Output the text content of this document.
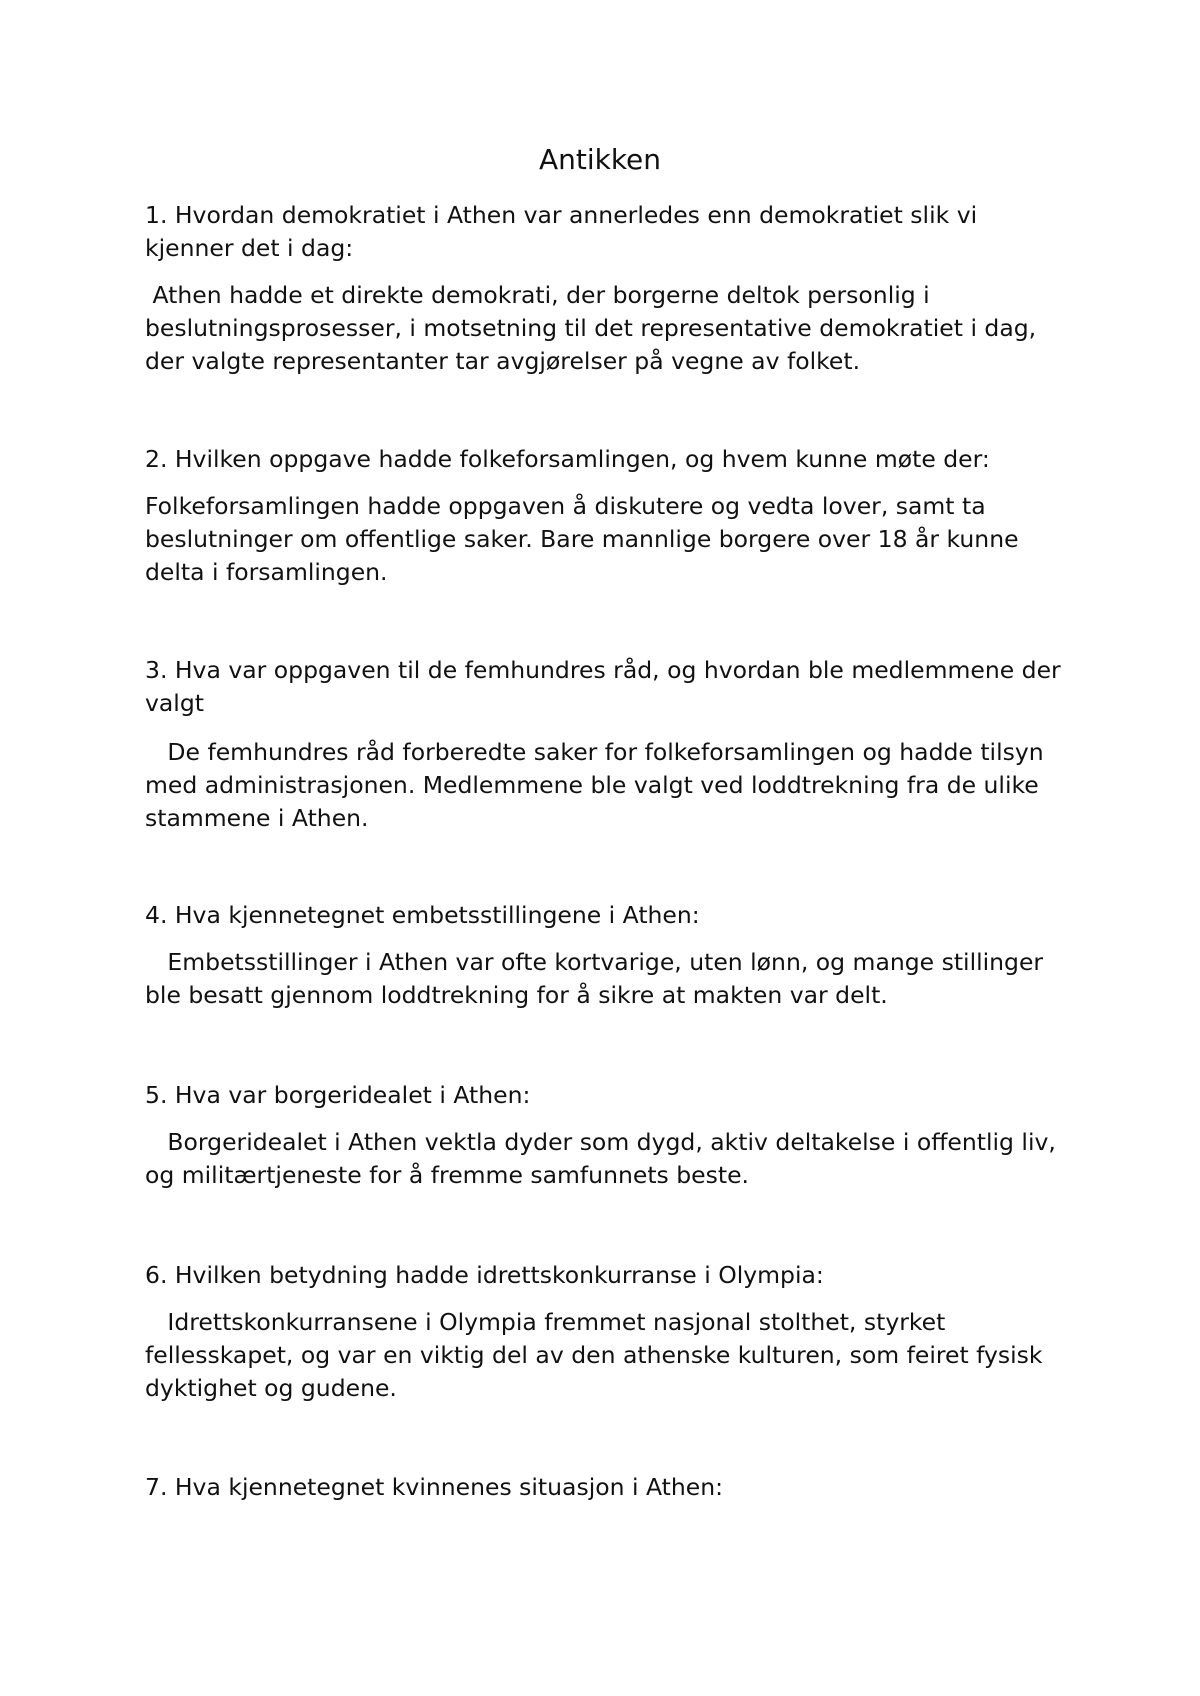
Antikken

1. Hvordan demokratiet i Athen var annerledes enn demokratiet slik vi kjenner det i dag:

Athen hadde et direkte demokrati, der borgerne deltok personlig i beslutningsprosesser, i motsetning til det representative demokratiet i dag, der valgte representanter tar avgjørelser på vegne av folket.

2. Hvilken oppgave hadde folkeforsamlingen, og hvem kunne møte der:

Folkeforsamlingen hadde oppgaven å diskutere og vedta lover, samt ta beslutninger om offentlige saker. Bare mannlige borgere over 18 år kunne delta i forsamlingen.

3. Hva var oppgaven til de femhundres råd, og hvordan ble medlemmene der valgt

De femhundres råd forberedte saker for folkeforsamlingen og hadde tilsyn med administrasjonen. Medlemmene ble valgt ved loddtrekning fra de ulike stammene i Athen.

4. Hva kjennetegnet embetsstillingene i Athen:

Embetsstillinger i Athen var ofte kortvarige, uten lønn, og mange stillinger ble besatt gjennom loddtrekning for å sikre at makten var delt.

5. Hva var borgeridealet i Athen:

Borgeridealet i Athen vektla dyder som dygd, aktiv deltakelse i offentlig liv, og militærtjeneste for å fremme samfunnets beste.

6. Hvilken betydning hadde idrettskonkurranse i Olympia:

Idrettskonkurransene i Olympia fremmet nasjonal stolthet, styrket fellesskapet, og var en viktig del av den athenske kulturen, som feiret fysisk dyktighet og gudene.

7. Hva kjennetegnet kvinnenes situasjon i Athen:
